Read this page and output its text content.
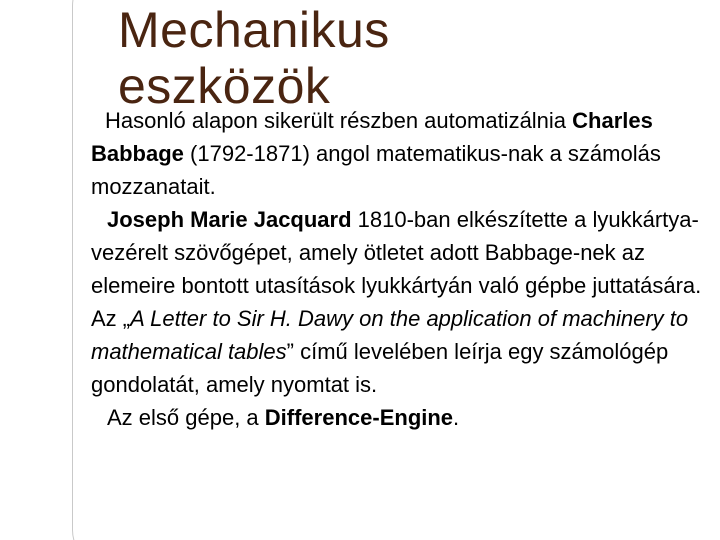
Mechanikus
eszközök

Hasonló alapon sikerült részben automatizálnia Charles Babbage (1792-1871) angol matematikus-nak a számolás mozzanatait.

Joseph Marie Jacquard 1810-ban elkészítette a lyukkártya-vezérelt szövőgépet, amely ötletet adott Babbage-nek az elemeire bontott utasítások lyukkártyán való gépbe juttatására. Az „A Letter to Sir H. Dawy on the application of machinery to mathematical tables” című levelében leírja egy számológép gondolatát, amely nyomtat is.

Az első gépe, a Difference-Engine.
